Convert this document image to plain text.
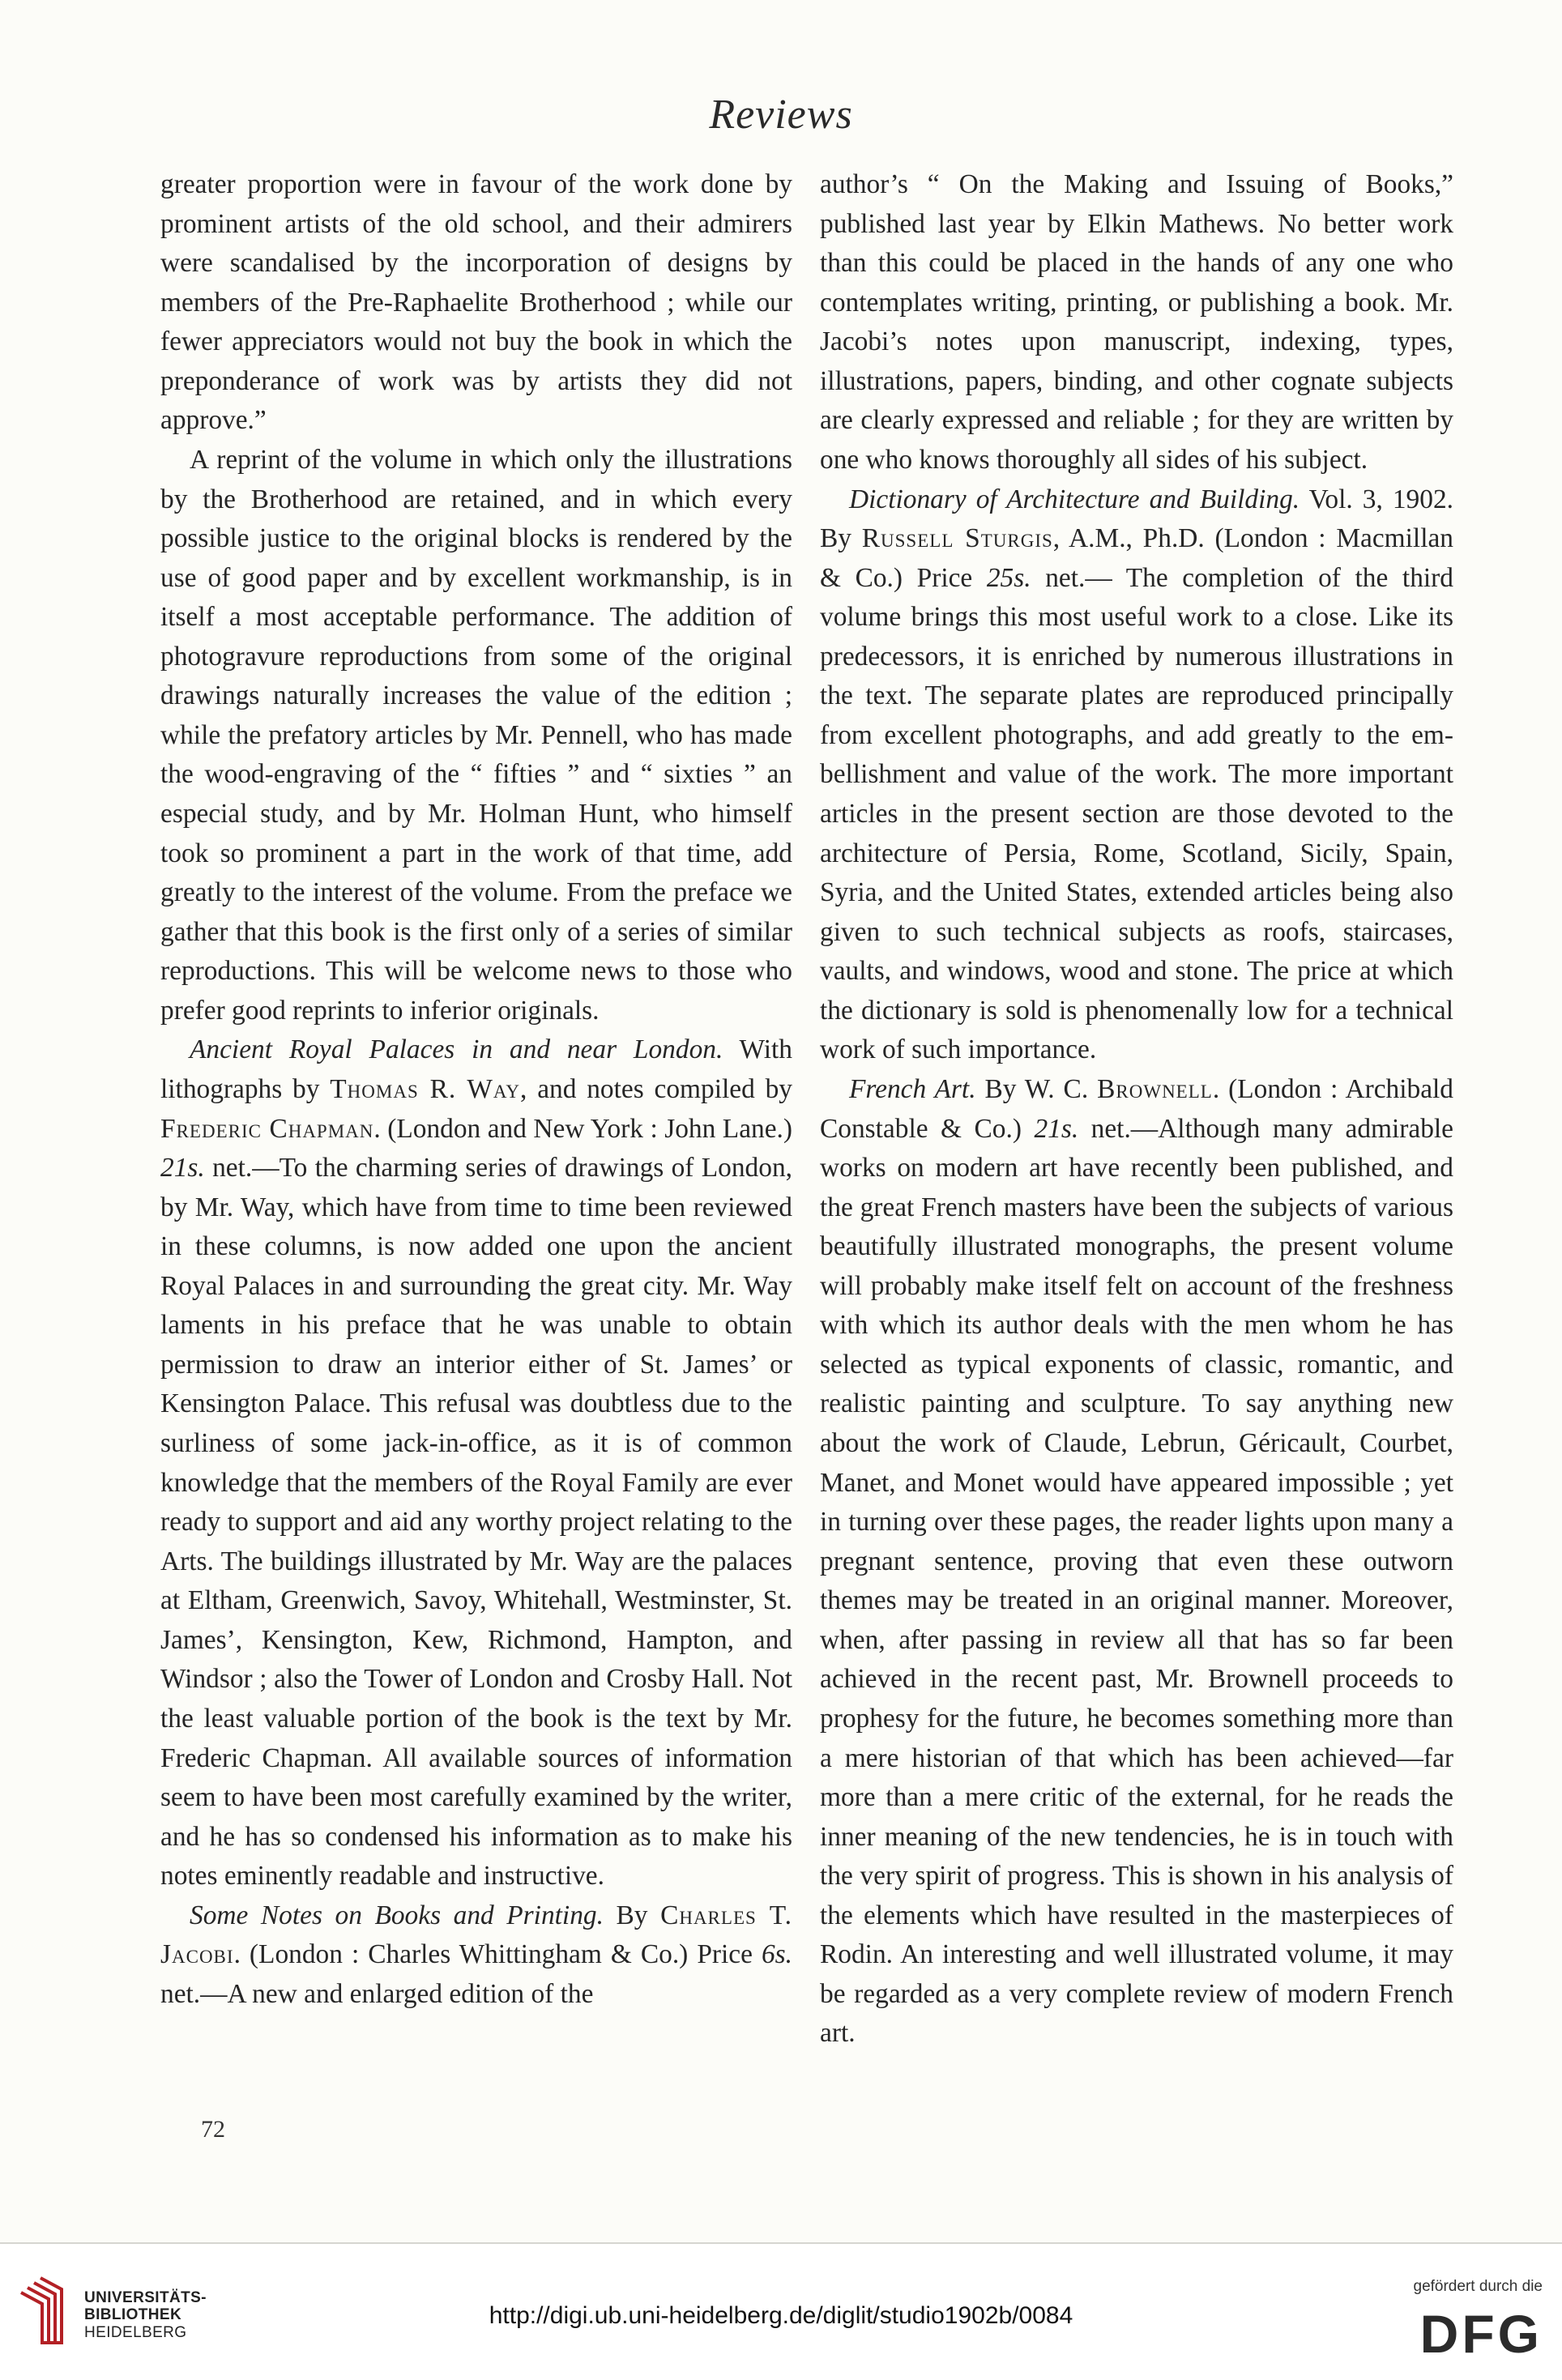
Reviews

greater proportion were in favour of the work done by prominent artists of the old school, and their admirers were scandalised by the incorporation of designs by members of the Pre-Raphaelite Brotherhood ; while our fewer appreciators would not buy the book in which the preponderance of work was by artists they did not approve.”

A reprint of the volume in which only the illustrations by the Brotherhood are retained, and in which every possible justice to the original blocks is rendered by the use of good paper and by excellent workmanship, is in itself a most acceptable performance. The addition of photogravure reproductions from some of the original drawings naturally increases the value of the edition ; while the prefatory articles by Mr. Pennell, who has made the wood-engraving of the “ fifties ” and “ sixties ” an especial study, and by Mr. Holman Hunt, who himself took so prominent a part in the work of that time, add greatly to the interest of the volume. From the preface we gather that this book is the first only of a series of similar reproductions. This will be welcome news to those who prefer good reprints to inferior originals.

Ancient Royal Palaces in and near London. With lithographs by Thomas R. Way, and notes compiled by Frederic Chapman. (London and New York : John Lane.) 21s. net.—To the charming series of drawings of London, by Mr. Way, which have from time to time been reviewed in these columns, is now added one upon the ancient Royal Palaces in and surrounding the great city. Mr. Way laments in his preface that he was unable to obtain permission to draw an interior either of St. James’ or Kensington Palace. This refusal was doubtless due to the surliness of some jack-in-office, as it is of common knowledge that the members of the Royal Family are ever ready to support and aid any worthy project relating to the Arts. The buildings illustrated by Mr. Way are the palaces at Eltham, Greenwich, Savoy, Whitehall, Westminster, St. James’, Kensington, Kew, Richmond, Hampton, and Windsor ; also the Tower of London and Crosby Hall. Not the least valuable portion of the book is the text by Mr. Frederic Chapman. All available sources of information seem to have been most carefully examined by the writer, and he has so condensed his information as to make his notes eminently readable and instructive.

Some Notes on Books and Printing. By Charles T. Jacobi. (London : Charles Whittingham & Co.) Price 6s. net.—A new and enlarged edition of the

author’s “ On the Making and Issuing of Books,” published last year by Elkin Mathews. No better work than this could be placed in the hands of any one who contemplates writing, printing, or publishing a book. Mr. Jacobi’s notes upon manuscript, indexing, types, illustrations, papers, binding, and other cognate subjects are clearly expressed and reliable ; for they are written by one who knows thoroughly all sides of his subject.

Dictionary of Architecture and Building. Vol. 3, 1902. By Russell Sturgis, A.M., Ph.D. (London : Macmillan & Co.) Price 25s. net.— The completion of the third volume brings this most useful work to a close. Like its predecessors, it is enriched by numerous illustrations in the text. The separate plates are reproduced principally from excellent photographs, and add greatly to the embellishment and value of the work. The more important articles in the present section are those devoted to the architecture of Persia, Rome, Scotland, Sicily, Spain, Syria, and the United States, extended articles being also given to such technical subjects as roofs, staircases, vaults, and windows, wood and stone. The price at which the dictionary is sold is phenomenally low for a technical work of such importance.

French Art. By W. C. Brownell. (London : Archibald Constable & Co.) 21s. net.—Although many admirable works on modern art have recently been published, and the great French masters have been the subjects of various beautifully illustrated monographs, the present volume will probably make itself felt on account of the freshness with which its author deals with the men whom he has selected as typical exponents of classic, romantic, and realistic painting and sculpture. To say anything new about the work of Claude, Lebrun, Géricault, Courbet, Manet, and Monet would have appeared impossible ; yet in turning over these pages, the reader lights upon many a pregnant sentence, proving that even these outworn themes may be treated in an original manner. Moreover, when, after passing in review all that has so far been achieved in the recent past, Mr. Brownell proceeds to prophesy for the future, he becomes something more than a mere historian of that which has been achieved—far more than a mere critic of the external, for he reads the inner meaning of the new tendencies, he is in touch with the very spirit of progress. This is shown in his analysis of the elements which have resulted in the masterpieces of Rodin. An interesting and well illustrated volume, it may be regarded as a very complete review of modern French art.

72
UNIVERSITÄTS-
BIBLIOTHEK
HEIDELBERG
http://digi.ub.uni-heidelberg.de/diglit/studio1902b/0084
gefördert durch die
DFG
